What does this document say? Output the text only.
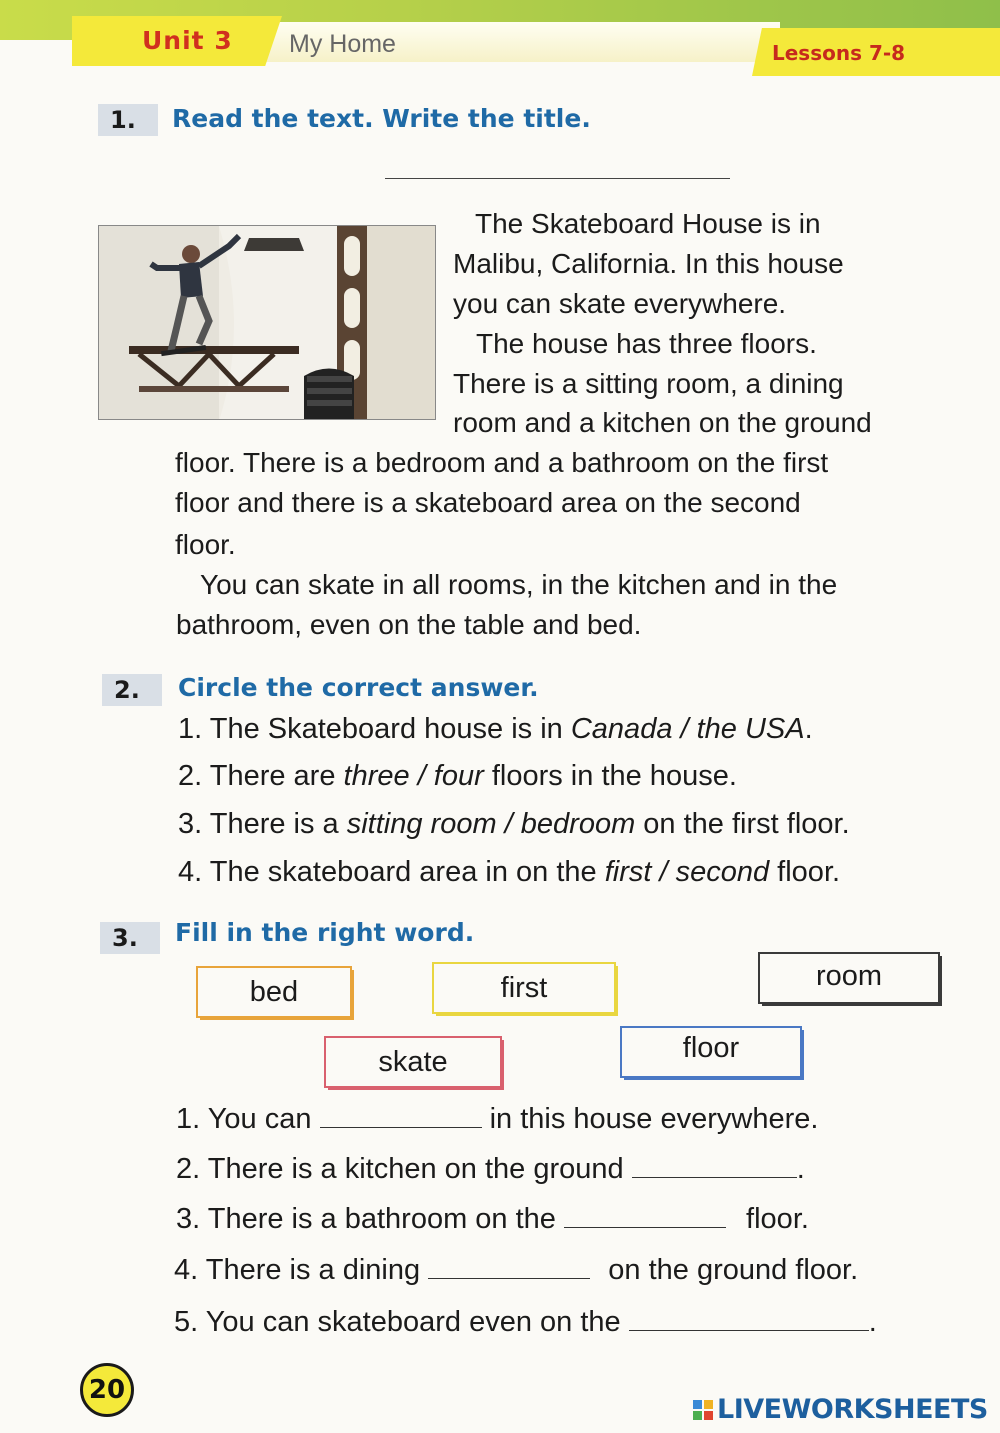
Unit 3 My Home	Lessons 7-8
1.	Read the text. Write the title.
The Skateboard House is in
Malibu, California. In this house
you can skate everywhere.
The house has three floors.
There is a sitting room, a dining
room and a kitchen on the ground
floor. There is a bedroom and a bathroom on the first
floor and there is a skateboard area on the second
floor.
You can skate in all rooms, in the kitchen and in the
bathroom, even on the table and bed.
2.	Circle the correct answer.
1. The Skateboard house is in Canada / the USA.
2. There are three / four floors in the house.
3. There is a sitting room / bedroom on the first floor.
4. The skateboard area in on the first / second floor.
3.	Fill in the right word.
bed	first	room
skate	floor
1. You can	in this house everywhere.
2. There is a kitchen on the ground	.
3. There is a bathroom on the	floor.
4. There is a dining	on the ground floor.
5. You can skateboard even on the	.
20
LIVEWORKSHEETS
